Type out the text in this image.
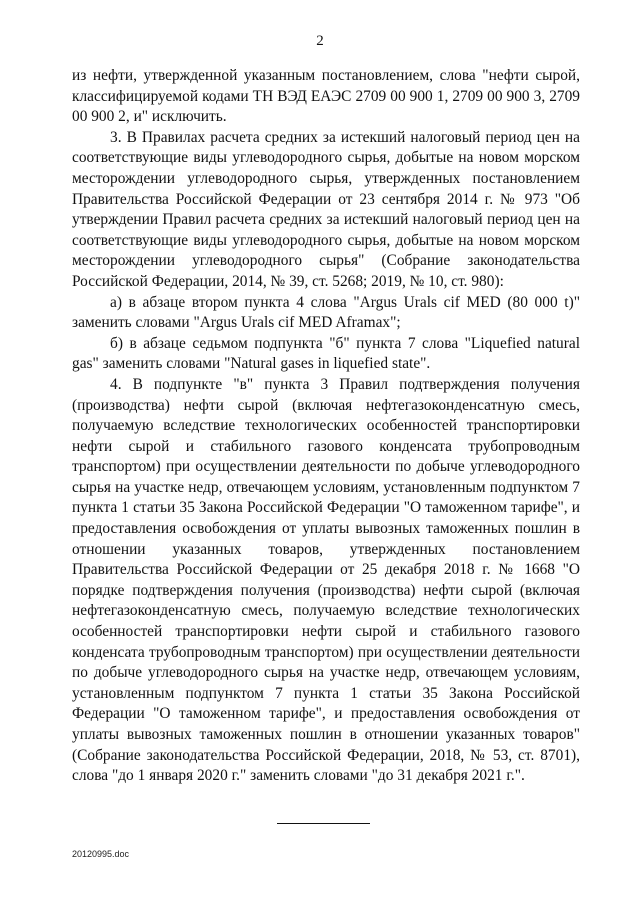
2

из нефти, утвержденной указанным постановлением, слова "нефти сырой, классифицируемой кодами ТН ВЭД ЕАЭС 2709 00 900 1, 2709 00 900 3, 2709 00 900 2, и" исключить.

3. В Правилах расчета средних за истекший налоговый период цен на соответствующие виды углеводородного сырья, добытые на новом морском месторождении углеводородного сырья, утвержденных постановлением Правительства Российской Федерации от 23 сентября 2014 г. № 973 "Об утверждении Правил расчета средних за истекший налоговый период цен на соответствующие виды углеводородного сырья, добытые на новом морском месторождении углеводородного сырья" (Собрание законодательства Российской Федерации, 2014, № 39, ст. 5268; 2019, № 10, ст. 980):

а) в абзаце втором пункта 4 слова "Argus Urals cif MED (80 000 t)" заменить словами "Argus Urals cif MED Aframax";

б) в абзаце седьмом подпункта "б" пункта 7 слова "Liquefied natural gas" заменить словами "Natural gases in liquefied state".

4. В подпункте "в" пункта 3 Правил подтверждения получения (производства) нефти сырой (включая нефтегазоконденсатную смесь, получаемую вследствие технологических особенностей транспортировки нефти сырой и стабильного газового конденсата трубопроводным транспортом) при осуществлении деятельности по добыче углеводородного сырья на участке недр, отвечающем условиям, установленным подпунктом 7 пункта 1 статьи 35 Закона Российской Федерации "О таможенном тарифе", и предоставления освобождения от уплаты вывозных таможенных пошлин в отношении указанных товаров, утвержденных постановлением Правительства Российской Федерации от 25 декабря 2018 г. № 1668 "О порядке подтверждения получения (производства) нефти сырой (включая нефтегазоконденсатную смесь, получаемую вследствие технологических особенностей транспортировки нефти сырой и стабильного газового конденсата трубопроводным транспортом) при осуществлении деятельности по добыче углеводородного сырья на участке недр, отвечающем условиям, установленным подпунктом 7 пункта 1 статьи 35 Закона Российской Федерации "О таможенном тарифе", и предоставления освобождения от уплаты вывозных таможенных пошлин в отношении указанных товаров" (Собрание законодательства Российской Федерации, 2018, № 53, ст. 8701), слова "до 1 января 2020 г." заменить словами "до 31 декабря 2021 г.".

20120995.doc
